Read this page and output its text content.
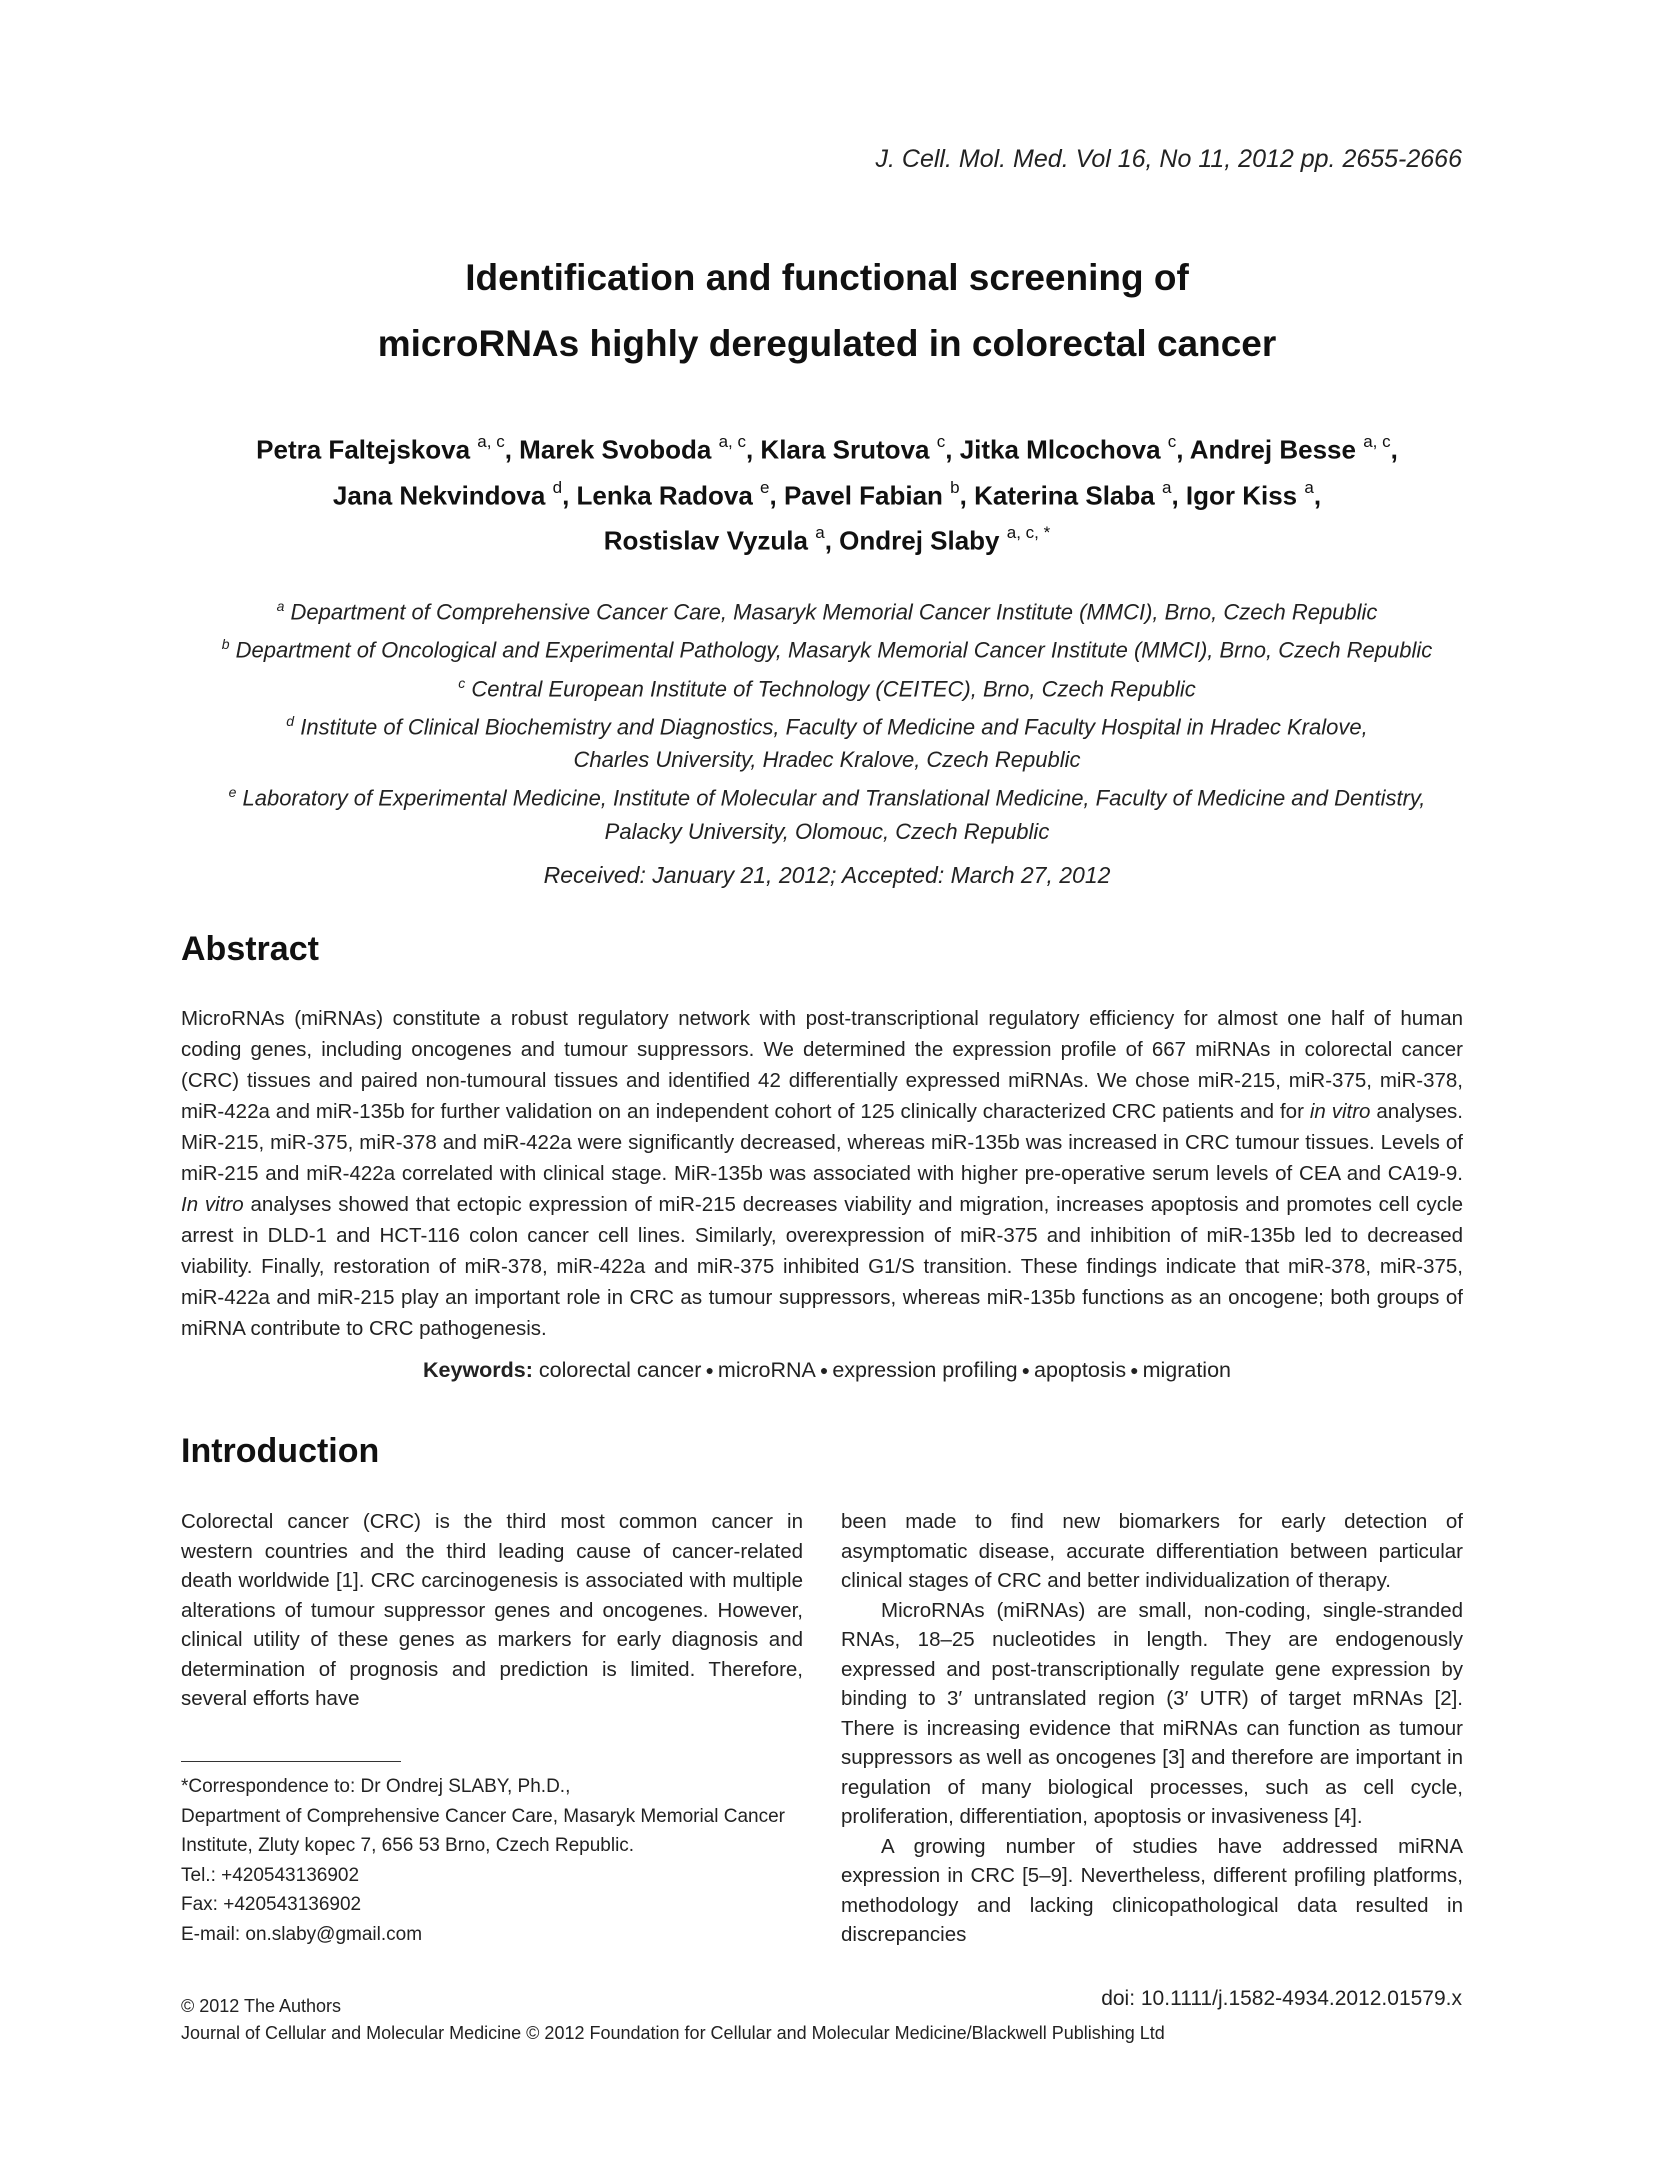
J. Cell. Mol. Med. Vol 16, No 11, 2012 pp. 2655-2666
Identification and functional screening of
microRNAs highly deregulated in colorectal cancer
Petra Faltejskova $^{a, c}$, Marek Svoboda $^{a, c}$, Klara Srutova $^c$, Jitka Mlcochova $^c$, Andrej Besse $^{a, c}$,
Jana Nekvindova $^d$, Lenka Radova $^e$, Pavel Fabian $^b$, Katerina Slaba $^a$, Igor Kiss $^a$,
Rostislav Vyzula $^a$, Ondrej Slaby $^{a, c, *}$
$^a$ Department of Comprehensive Cancer Care, Masaryk Memorial Cancer Institute (MMCI), Brno, Czech Republic
$^b$ Department of Oncological and Experimental Pathology, Masaryk Memorial Cancer Institute (MMCI), Brno, Czech Republic
$^c$ Central European Institute of Technology (CEITEC), Brno, Czech Republic
$^d$ Institute of Clinical Biochemistry and Diagnostics, Faculty of Medicine and Faculty Hospital in Hradec Kralove,
Charles University, Hradec Kralove, Czech Republic
$^e$ Laboratory of Experimental Medicine, Institute of Molecular and Translational Medicine, Faculty of Medicine and Dentistry,
Palacky University, Olomouc, Czech Republic
Received: January 21, 2012; Accepted: March 27, 2012
Abstract
MicroRNAs (miRNAs) constitute a robust regulatory network with post-transcriptional regulatory efficiency for almost one half of human coding genes, including oncogenes and tumour suppressors. We determined the expression profile of 667 miRNAs in colorectal cancer (CRC) tissues and paired non-tumoural tissues and identified 42 differentially expressed miRNAs. We chose miR-215, miR-375, miR-378, miR-422a and miR-135b for further validation on an independent cohort of 125 clinically characterized CRC patients and for in vitro analyses. MiR-215, miR-375, miR-378 and miR-422a were significantly decreased, whereas miR-135b was increased in CRC tumour tissues. Levels of miR-215 and miR-422a correlated with clinical stage. MiR-135b was associated with higher pre-operative serum levels of CEA and CA19-9. In vitro analyses showed that ectopic expression of miR-215 decreases viability and migration, increases apoptosis and promotes cell cycle arrest in DLD-1 and HCT-116 colon cancer cell lines. Similarly, overexpression of miR-375 and inhibition of miR-135b led to decreased viability. Finally, restoration of miR-378, miR-422a and miR-375 inhibited G1/S transition. These findings indicate that miR-378, miR-375, miR-422a and miR-215 play an important role in CRC as tumour suppressors, whereas miR-135b functions as an oncogene; both groups of miRNA contribute to CRC pathogenesis.
Keywords: colorectal cancer ● microRNA ● expression profiling ● apoptosis ● migration
Introduction

Colorectal cancer (CRC) is the third most common cancer in western countries and the third leading cause of cancer-related death worldwide [1]. CRC carcinogenesis is associated with multiple alterations of tumour suppressor genes and oncogenes. However, clinical utility of these genes as markers for early diagnosis and determination of prognosis and prediction is limited. Therefore, several efforts have

been made to find new biomarkers for early detection of asymptomatic disease, accurate differentiation between particular clinical stages of CRC and better individualization of therapy.

MicroRNAs (miRNAs) are small, non-coding, single-stranded RNAs, 18–25 nucleotides in length. They are endogenously expressed and post-transcriptionally regulate gene expression by binding to 3′ untranslated region (3′ UTR) of target mRNAs [2]. There is increasing evidence that miRNAs can function as tumour suppressors as well as oncogenes [3] and therefore are important in regulation of many biological processes, such as cell cycle, proliferation, differentiation, apoptosis or invasiveness [4].

A growing number of studies have addressed miRNA expression in CRC [5–9]. Nevertheless, different profiling platforms, methodology and lacking clinicopathological data resulted in discrepancies

*Correspondence to: Dr Ondrej SLABY, Ph.D.,
Department of Comprehensive Cancer Care, Masaryk Memorial Cancer
Institute, Zluty kopec 7, 656 53 Brno, Czech Republic.
Tel.: +420543136902
Fax: +420543136902
E-mail: on.slaby@gmail.com
doi: 10.1111/j.1582-4934.2012.01579.x
© 2012 The Authors
Journal of Cellular and Molecular Medicine © 2012 Foundation for Cellular and Molecular Medicine/Blackwell Publishing Ltd
